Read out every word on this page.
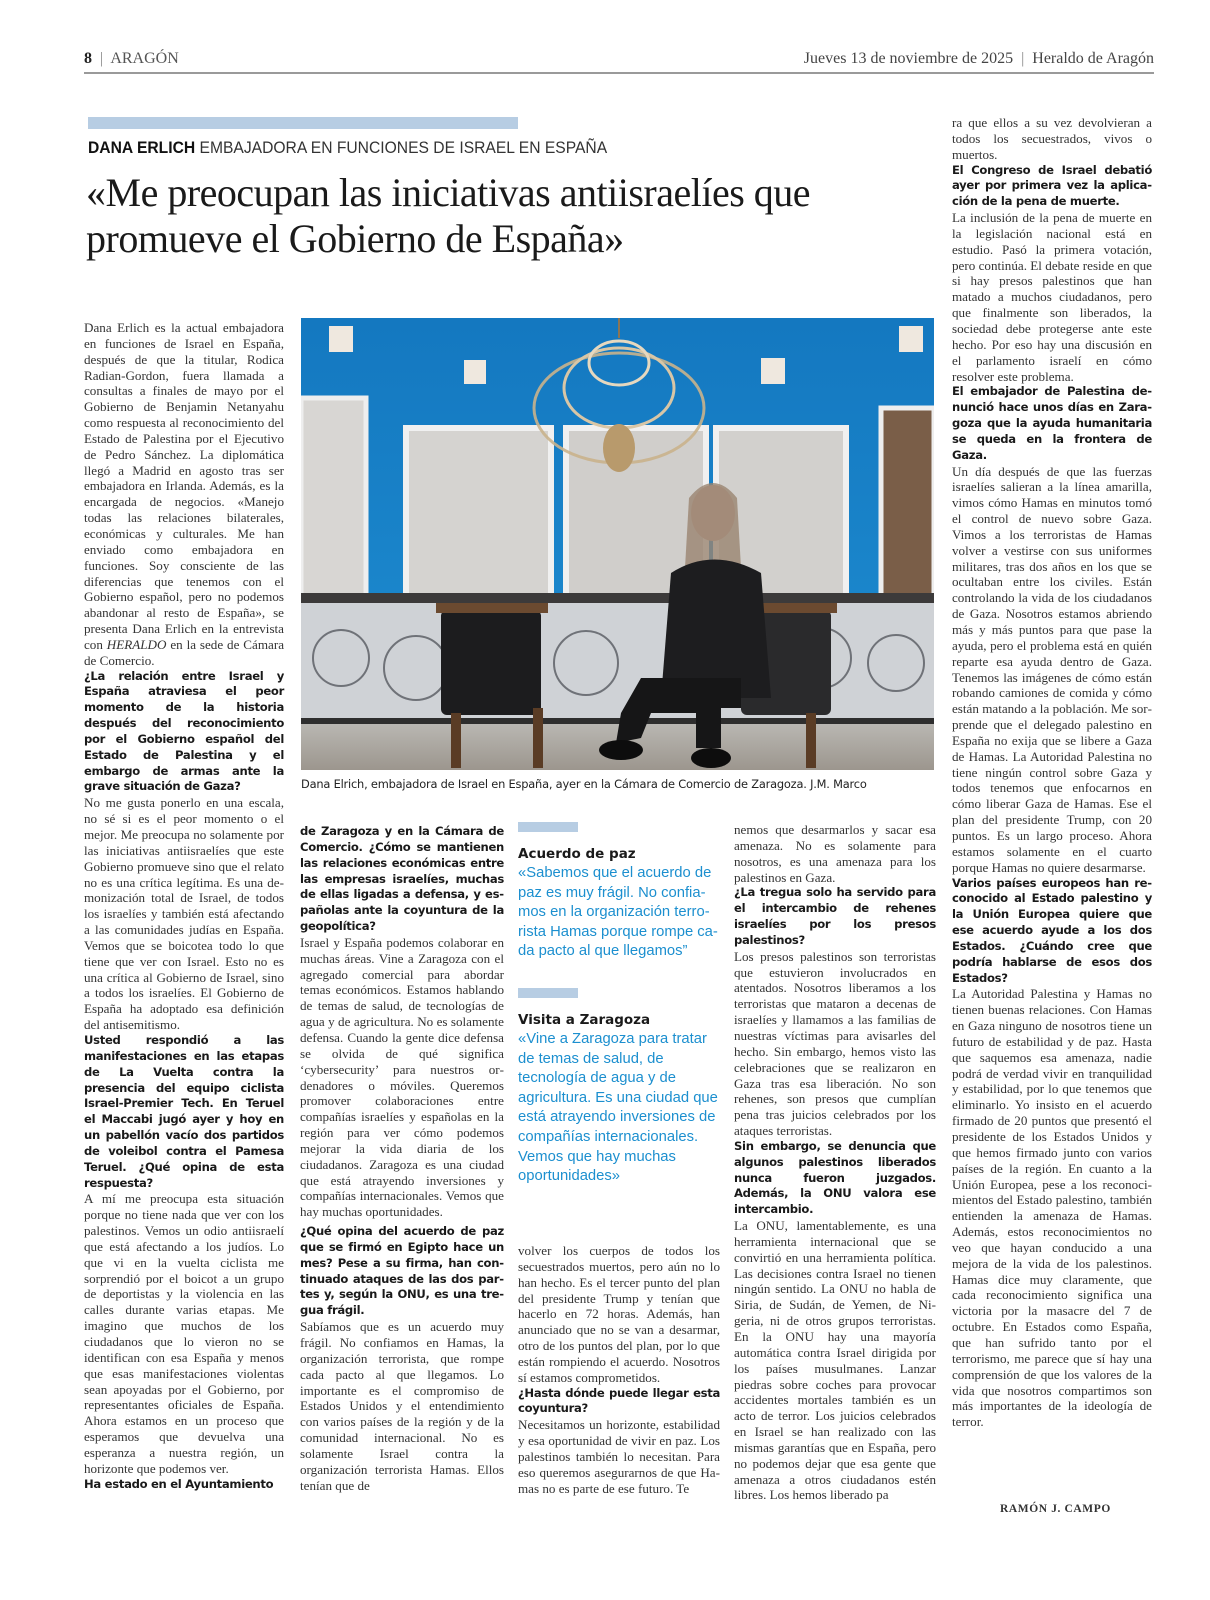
8 | ARAGÓN	Jueves 13 de noviembre de 2025 | Heraldo de Aragón
DANA ERLICH EMBAJADORA EN FUNCIONES DE ISRAEL EN ESPAÑA
«Me preocupan las iniciativas antiisraelíes que promueve el Gobierno de España»

Dana Erlich es la actual embajadora en funciones de Israel en España, después de que la titular, Rodica Radian-Gordon, fuera llamada a consultas a finales de mayo por el Gobierno de Benjamin Netanyahu como respuesta al reconocimiento del Estado de Palestina por el Ejecutivo de Pedro Sánchez. La diplomática llegó a Madrid en agosto tras ser embajadora en Irlanda. Además, es la encargada de negocios. «Manejo todas las relaciones bilaterales, económicas y culturales. Me han enviado como embajadora en funciones. Soy consciente de las diferencias que tenemos con el Gobierno español, pero no podemos abandonar al resto de España», se presenta Dana Erlich en la entrevista con HERALDO en la sede de Cámara de Comercio.

¿La relación entre Israel y España atraviesa el peor momento de la historia después del reconocimiento por el Gobierno español del Estado de Palestina y el embargo de armas ante la grave situación de Gaza?

No me gusta ponerlo en una escala, no sé si es el peor momento o el mejor. Me preocupa no solamente por las iniciativas antiisraelíes que este Gobierno promueve sino que el relato no es una crítica legítima. Es una demonización total de Israel, de todos los israelíes y también está afectando a las comunidades judías en España. Vemos que se boicotea todo lo que tiene que ver con Israel. Esto no es una crítica al Gobierno de Israel, sino a todos los israelíes. El Gobierno de España ha adoptado esa definición del antisemitismo.

Usted respondió a las manifestaciones en las etapas de La Vuelta contra la presencia del equipo ciclista Israel-Premier Tech. En Teruel el Maccabi jugó ayer y hoy en un pabellón vacío dos partidos de voleibol contra el Pamesa Teruel. ¿Qué opina de esta respuesta?

A mí me preocupa esta situación porque no tiene nada que ver con los palestinos. Vemos un odio antiisraelí que está afectando a los judíos. Lo que vi en la vuelta ciclista me sorprendió por el boicot a un grupo de deportistas y la violencia en las calles durante varias etapas. Me imagino que muchos de los ciudadanos que lo vieron no se identifican con esa España y menos que esas manifestaciones violentas sean apoyadas por el Gobierno, por representantes oficiales de España. Ahora estamos en un proceso que esperamos que devuelva una esperanza a nuestra región, un horizonte que podemos ver.

Ha estado en el Ayuntamiento

Dana Elrich, embajadora de Israel en España, ayer en la Cámara de Comercio de Zaragoza. J.M. Marco

de Zaragoza y en la Cámara de Comercio. ¿Cómo se mantienen las relaciones económicas entre las empresas israelíes, muchas de ellas ligadas a defensa, y españolas ante la coyuntura de la geopolítica?

Israel y España podemos colaborar en muchas áreas. Vine a Zaragoza con el agregado comercial para abordar temas económicos. Estamos hablando de temas de salud, de tecnologías de agua y de agricultura. No es solamente defensa. Cuando la gente dice defensa se olvida de qué significa ‘cybersecurity’ para nuestros ordenadores o móviles. Queremos promover colaboraciones entre compañías israelíes y españolas en la región para ver cómo podemos mejorar la vida diaria de los ciudadanos. Zaragoza es una ciudad que está atrayendo inversiones y compañías internacionales. Vemos que hay muchas oportunidades.

¿Qué opina del acuerdo de paz que se firmó en Egipto hace un mes? Pese a su firma, han continuado ataques de las dos partes y, según la ONU, es una tregua frágil.

Sabíamos que es un acuerdo muy frágil. No confiamos en Hamas, la organización terrorista, que rompe cada pacto al que llegamos. Lo importante es el compromiso de Estados Unidos y el entendimiento con varios países de la región y de la comunidad internacional. No es solamente Israel contra la organización terrorista Hamas. Ellos tenían que de

Acuerdo de paz
«Sabemos que el acuerdo de paz es muy frágil. No confiamos en la organización terrorista Hamas porque rompe cada pacto al que llegamos”
Visita a Zaragoza
«Vine a Zaragoza para tratar de temas de salud, de tecnología de agua y de agricultura. Es una ciudad que está atrayendo inversiones de compañías internacionales. Vemos que hay muchas oportunidades»

volver los cuerpos de todos los secuestrados muertos, pero aún no lo han hecho. Es el tercer punto del plan del presidente Trump y tenían que hacerlo en 72 horas. Además, han anunciado que no se van a desarmar, otro de los puntos del plan, por lo que están rompiendo el acuerdo. Nosotros sí estamos comprometidos.

¿Hasta dónde puede llegar esta coyuntura?

Necesitamos un horizonte, estabilidad y esa oportunidad de vivir en paz. Los palestinos también lo necesitan. Para eso queremos asegurarnos de que Hamas no es parte de ese futuro. Te

nemos que desarmarlos y sacar esa amenaza. No es solamente para nosotros, es una amenaza para los palestinos en Gaza.

¿La tregua solo ha servido para el intercambio de rehenes israelíes por los presos palestinos?

Los presos palestinos son terroristas que estuvieron involucrados en atentados. Nosotros liberamos a los terroristas que mataron a decenas de israelíes y llamamos a las familias de nuestras víctimas para avisarles del hecho. Sin embargo, hemos visto las celebraciones que se realizaron en Gaza tras esa liberación. No son rehenes, son presos que cumplían pena tras juicios celebrados por los ataques terroristas.

Sin embargo, se denuncia que algunos palestinos liberados nunca fueron juzgados. Además, la ONU valora ese intercambio.

La ONU, lamentablemente, es una herramienta internacional que se convirtió en una herramienta política. Las decisiones contra Israel no tienen ningún sentido. La ONU no habla de Siria, de Sudán, de Yemen, de Nigeria, ni de otros grupos terroristas. En la ONU hay una mayoría automática contra Israel dirigida por los países musulmanes. Lanzar piedras sobre coches para provocar accidentes mortales también es un acto de terror. Los juicios celebrados en Israel se han realizado con las mismas garantías que en España, pero no podemos dejar que esa gente que amenaza a otros ciudadanos estén libres. Los hemos liberado pa

ra que ellos a su vez devolvieran a todos los secuestrados, vivos o muertos.

El Congreso de Israel debatió ayer por primera vez la aplicación de la pena de muerte.

La inclusión de la pena de muerte en la legislación nacional está en estudio. Pasó la primera votación, pero continúa. El debate reside en que si hay presos palestinos que han matado a muchos ciudadanos, pero que finalmente son liberados, la sociedad debe protegerse ante este hecho. Por eso hay una discusión en el parlamento israelí en cómo resolver este problema.

El embajador de Palestina denunció hace unos días en Zaragoza que la ayuda humanitaria se queda en la frontera de Gaza.

Un día después de que las fuerzas israelíes salieran a la línea amarilla, vimos cómo Hamas en minutos tomó el control de nuevo sobre Gaza. Vimos a los terroristas de Hamas volver a vestirse con sus uniformes militares, tras dos años en los que se ocultaban entre los civiles. Están controlando la vida de los ciudadanos de Gaza. Nosotros estamos abriendo más y más puntos para que pase la ayuda, pero el problema está en quién reparte esa ayuda dentro de Gaza. Tenemos las imágenes de cómo están robando camiones de comida y cómo están matando a la población. Me sorprende que el delegado palestino en España no exija que se libere a Gaza de Hamas. La Autoridad Palestina no tiene ningún control sobre Gaza y todos tenemos que enfocarnos en cómo liberar Gaza de Hamas. Ese el plan del presidente Trump, con 20 puntos. Es un largo proceso. Ahora estamos solamente en el cuarto porque Hamas no quiere desarmarse.

Varios países europeos han reconocido al Estado palestino y la Unión Europea quiere que ese acuerdo ayude a los dos Estados. ¿Cuándo cree que podría hablarse de esos dos Estados?

La Autoridad Palestina y Hamas no tienen buenas relaciones. Con Hamas en Gaza ninguno de nosotros tiene un futuro de estabilidad y de paz. Hasta que saquemos esa amenaza, nadie podrá de verdad vivir en tranquilidad y estabilidad, por lo que tenemos que eliminarlo. Yo insisto en el acuerdo firmado de 20 puntos que presentó el presidente de los Estados Unidos y que hemos firmado junto con varios países de la región. En cuanto a la Unión Europea, pese a los reconocimientos del Estado palestino, también entienden la amenaza de Hamas. Además, estos reconocimientos no veo que hayan conducido a una mejora de la vida de los palestinos. Hamas dice muy claramente, que cada reconocimiento significa una victoria por la masacre del 7 de octubre. En Estados como España, que han sufrido tanto por el terrorismo, me parece que sí hay una comprensión de que los valores de la vida que nosotros compartimos son más importantes de la ideología de terror.

RAMÓN J. CAMPO
